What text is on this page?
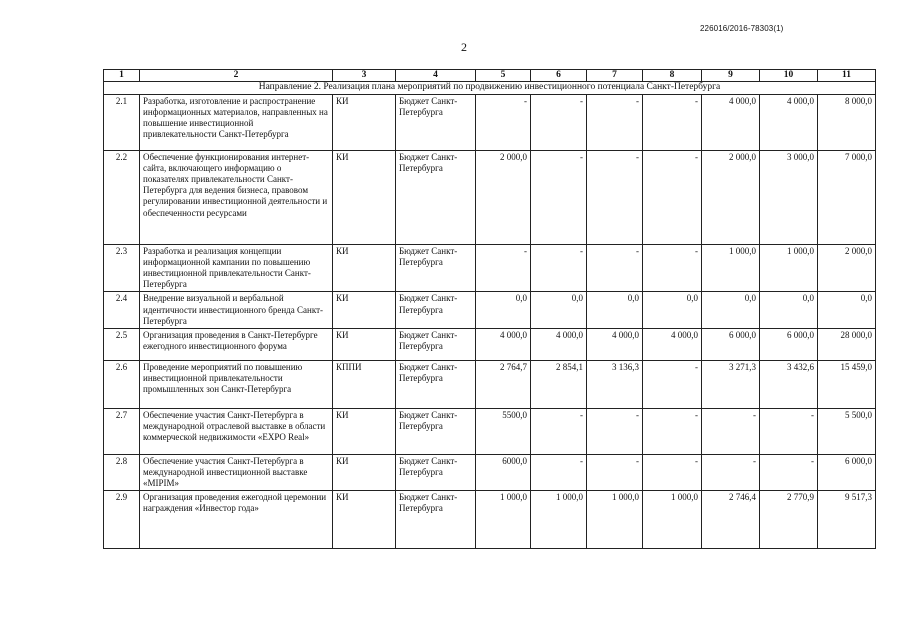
226016/2016-78303(1)
2
1	2	3	4	5	6	7	8	9	10	11
Направление 2. Реализация плана мероприятий по продвижению инвестиционного потенциала Санкт-Петербурга										
2.1	Разработка, изготовление и распространение информационных материалов, направленных на повышение инвестиционной привлекательности Санкт-Петербурга	КИ	Бюджет Санкт-Петербурга	-	-	-	-	4 000,0	4 000,0	8 000,0
2.2	Обеспечение функционирования интернет-сайта, включающего информацию о показателях привлекательности Санкт-Петербурга для ведения бизнеса, правовом регулировании инвестиционной деятельности и обеспеченности ресурсами	КИ	Бюджет Санкт-Петербурга	2 000,0	-	-	-	2 000,0	3 000,0	7 000,0
2.3	Разработка и реализация концепции информационной кампании по повышению инвестиционной привлекательности Санкт-Петербурга	КИ	Бюджет Санкт-Петербурга	-	-	-	-	1 000,0	1 000,0	2 000,0
2.4	Внедрение визуальной и вербальной идентичности инвестиционного бренда Санкт-Петербурга	КИ	Бюджет Санкт-Петербурга	0,0	0,0	0,0	0,0	0,0	0,0	0,0
2.5	Организация проведения в Санкт-Петербурге ежегодного инвестиционного форума	КИ	Бюджет Санкт-Петербурга	4 000,0	4 000,0	4 000,0	4 000,0	6 000,0	6 000,0	28 000,0
2.6	Проведение мероприятий по повышению инвестиционной привлекательности промышленных зон Санкт-Петербурга	КППИ	Бюджет Санкт-Петербурга	2 764,7	2 854,1	3 136,3	-	3 271,3	3 432,6	15 459,0
2.7	Обеспечение участия Санкт-Петербурга в международной отраслевой выставке в области коммерческой недвижимости «EXPO Real»	КИ	Бюджет Санкт-Петербурга	5500,0	-	-	-	-	-	5 500,0
2.8	Обеспечение участия Санкт-Петербурга в международной инвестиционной выставке «MIPIM»	КИ	Бюджет Санкт-Петербурга	6000,0	-	-	-	-	-	6 000,0
2.9	Организация проведения ежегодной церемонии награждения «Инвестор года»	КИ	Бюджет Санкт-Петербурга	1 000,0	1 000,0	1 000,0	1 000,0	2 746,4	2 770,9	9 517,3
